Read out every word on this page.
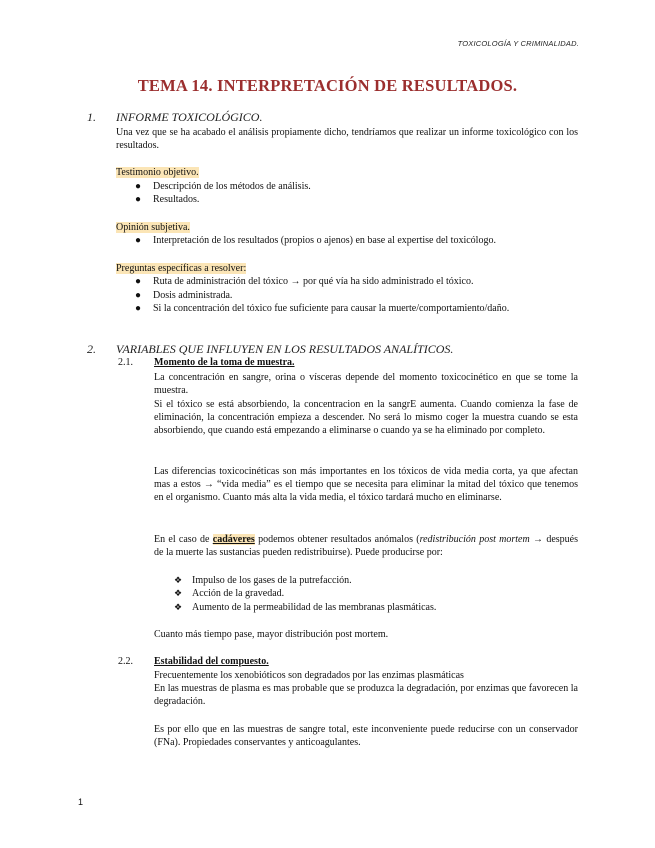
TOXICOLOGÍA Y CRIMINALIDAD.
TEMA 14. INTERPRETACIÓN DE RESULTADOS.
1. INFORME TOXICOLÓGICO.
Una vez que se ha acabado el análisis propiamente dicho, tendríamos que realizar un informe toxicológico con los resultados.
Testimonio objetivo.
● Descripción de los métodos de análisis.
● Resultados.
Opinión subjetiva.
● Interpretación de los resultados (propios o ajenos) en base al expertise del toxicólogo.
Preguntas específicas a resolver:
● Ruta de administración del tóxico → por qué vía ha sido administrado el tóxico.
● Dosis administrada.
● Si la concentración del tóxico fue suficiente para causar la muerte/comportamiento/daño.
2. VARIABLES QUE INFLUYEN EN LOS RESULTADOS ANALÍTICOS.
2.1. Momento de la toma de muestra.
La concentración en sangre, orina o vísceras depende del momento toxicocinético en que se tome la muestra.
Si el tóxico se está absorbiendo, la concentracion en la sangrE aumenta. Cuando comienza la fase de eliminación, la concentración empieza a descender. No será lo mismo coger la muestra cuando se esta absorbiendo, que cuando está empezando a eliminarse o cuando ya se ha eliminado por completo.
Las diferencias toxicocinéticas son más importantes en los tóxicos de vida media corta, ya que afectan mas a estos → “vida media” es el tiempo que se necesita para eliminar la mitad del tóxico que tenemos en el organismo. Cuanto más alta la vida media, el tóxico tardará mucho en eliminarse.
En el caso de cadáveres podemos obtener resultados anómalos (redistribución post mortem → después de la muerte las sustancias pueden redistribuirse). Puede producirse por:
❖ Impulso de los gases de la putrefacción.
❖ Acción de la gravedad.
❖ Aumento de la permeabilidad de las membranas plasmáticas.
Cuanto más tiempo pase, mayor distribución post mortem.
2.2. Estabilidad del compuesto.
Frecuentemente los xenobióticos son degradados por las enzimas plasmáticas
En las muestras de plasma es mas probable que se produzca la degradación, por enzimas que favorecen la degradación.
Es por ello que en las muestras de sangre total, este inconveniente puede reducirse con un conservador (FNa). Propiedades conservantes y anticoagulantes.
1
